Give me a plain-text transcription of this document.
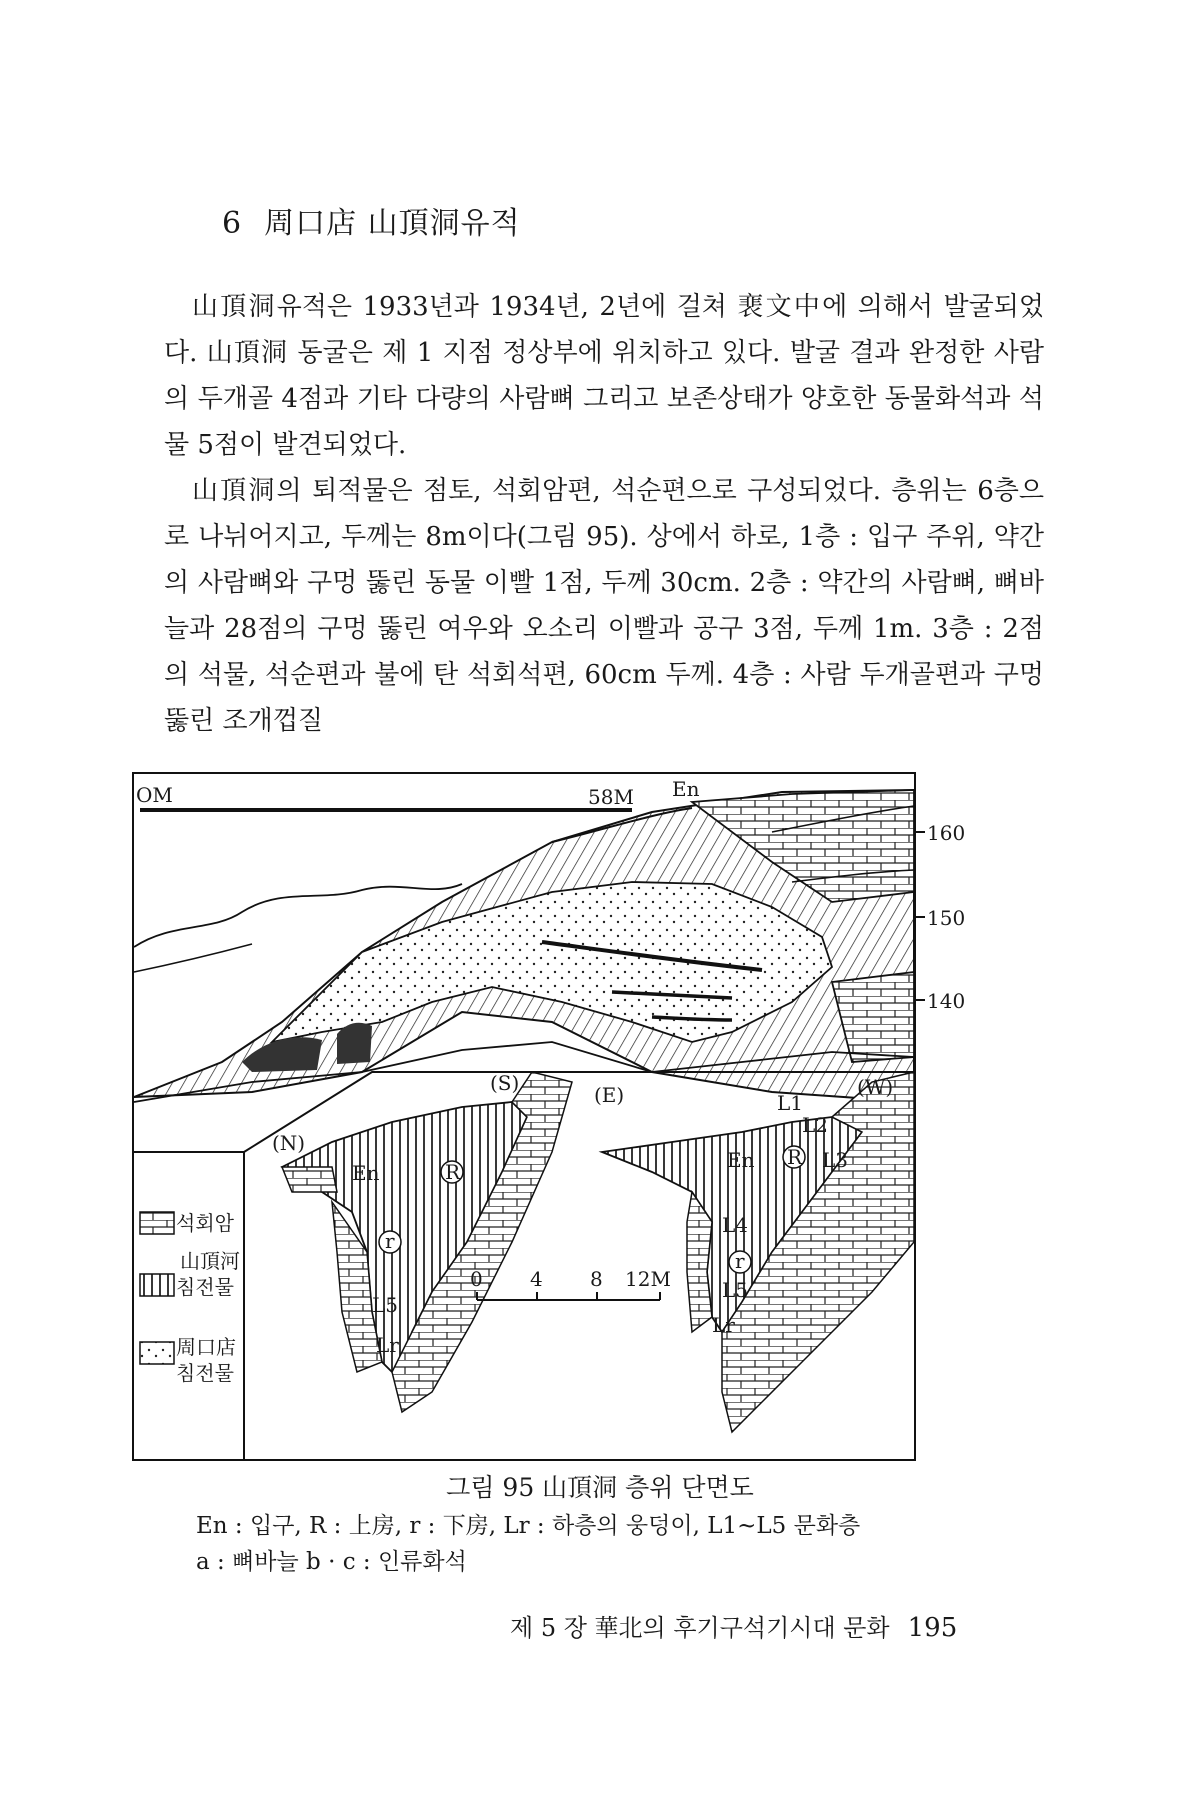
6 周口店 山頂洞유적

山頂洞유적은 1933년과 1934년, 2년에 걸쳐 裵文中에 의해서 발굴되었다. 山頂洞 동굴은 제 1 지점 정상부에 위치하고 있다. 발굴 결과 완정한 사람의 두개골 4점과 기타 다량의 사람뼈 그리고 보존상태가 양호한 동물화석과 석물 5점이 발견되었다.

山頂洞의 퇴적물은 점토, 석회암편, 석순편으로 구성되었다. 층위는 6층으로 나뉘어지고, 두께는 8m이다(그림 95). 상에서 하로, 1층 : 입구 주위, 약간의 사람뼈와 구멍 뚫린 동물 이빨 1점, 두께 30cm. 2층 : 약간의 사람뼈, 뼈바늘과 28점의 구멍 뚫린 여우와 오소리 이빨과 공구 3점, 두께 1m. 3층 : 2점의 석물, 석순편과 불에 탄 석회석편, 60cm 두께. 4층 : 사람 두개골편과 구멍 뚫린 조개껍질

OM	58M En
160
150
140
(N)
(S)	(E)	(W)
En	R
r
L5
Lr
En R
L1
L2
L3
L4
r
L5
Lr
0 4 8 12M
석회암
山頂河
침전물
周口店
침전물
그림 95 山頂洞 층위 단면도
En : 입구, R : 上房, r : 下房, Lr : 하층의 웅덩이, L1~L5 문화층
a : 뼈바늘 b · c : 인류화석
제 5 장 華北의 후기구석기시대 문화 195
